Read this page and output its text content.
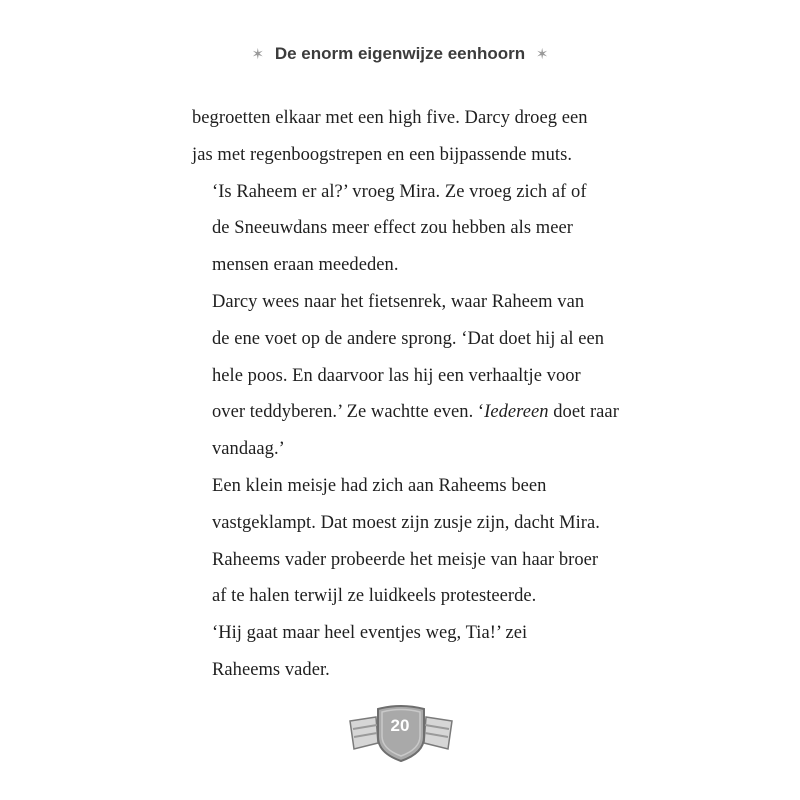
✶ De enorm eigenwijze eenhoorn ✶

begroetten elkaar met een high five. Darcy droeg een
jas met regenboogstrepen en een bijpassende muts.

‘Is Raheem er al?’ vroeg Mira. Ze vroeg zich af of
de Sneeuwdans meer effect zou hebben als meer
mensen eraan meededen.

Darcy wees naar het fietsenrek, waar Raheem van
de ene voet op de andere sprong. ‘Dat doet hij al een
hele poos. En daarvoor las hij een verhaaltje voor
over teddyberen.’ Ze wachtte even. ‘Iedereen doet raar
vandaag.’

Een klein meisje had zich aan Raheems been
vastgeklampt. Dat moest zijn zusje zijn, dacht Mira.
Raheems vader probeerde het meisje van haar broer
af te halen terwijl ze luidkeels protesteerde.

‘Hij gaat maar heel eventjes weg, Tia!’ zei
Raheems vader.

20
